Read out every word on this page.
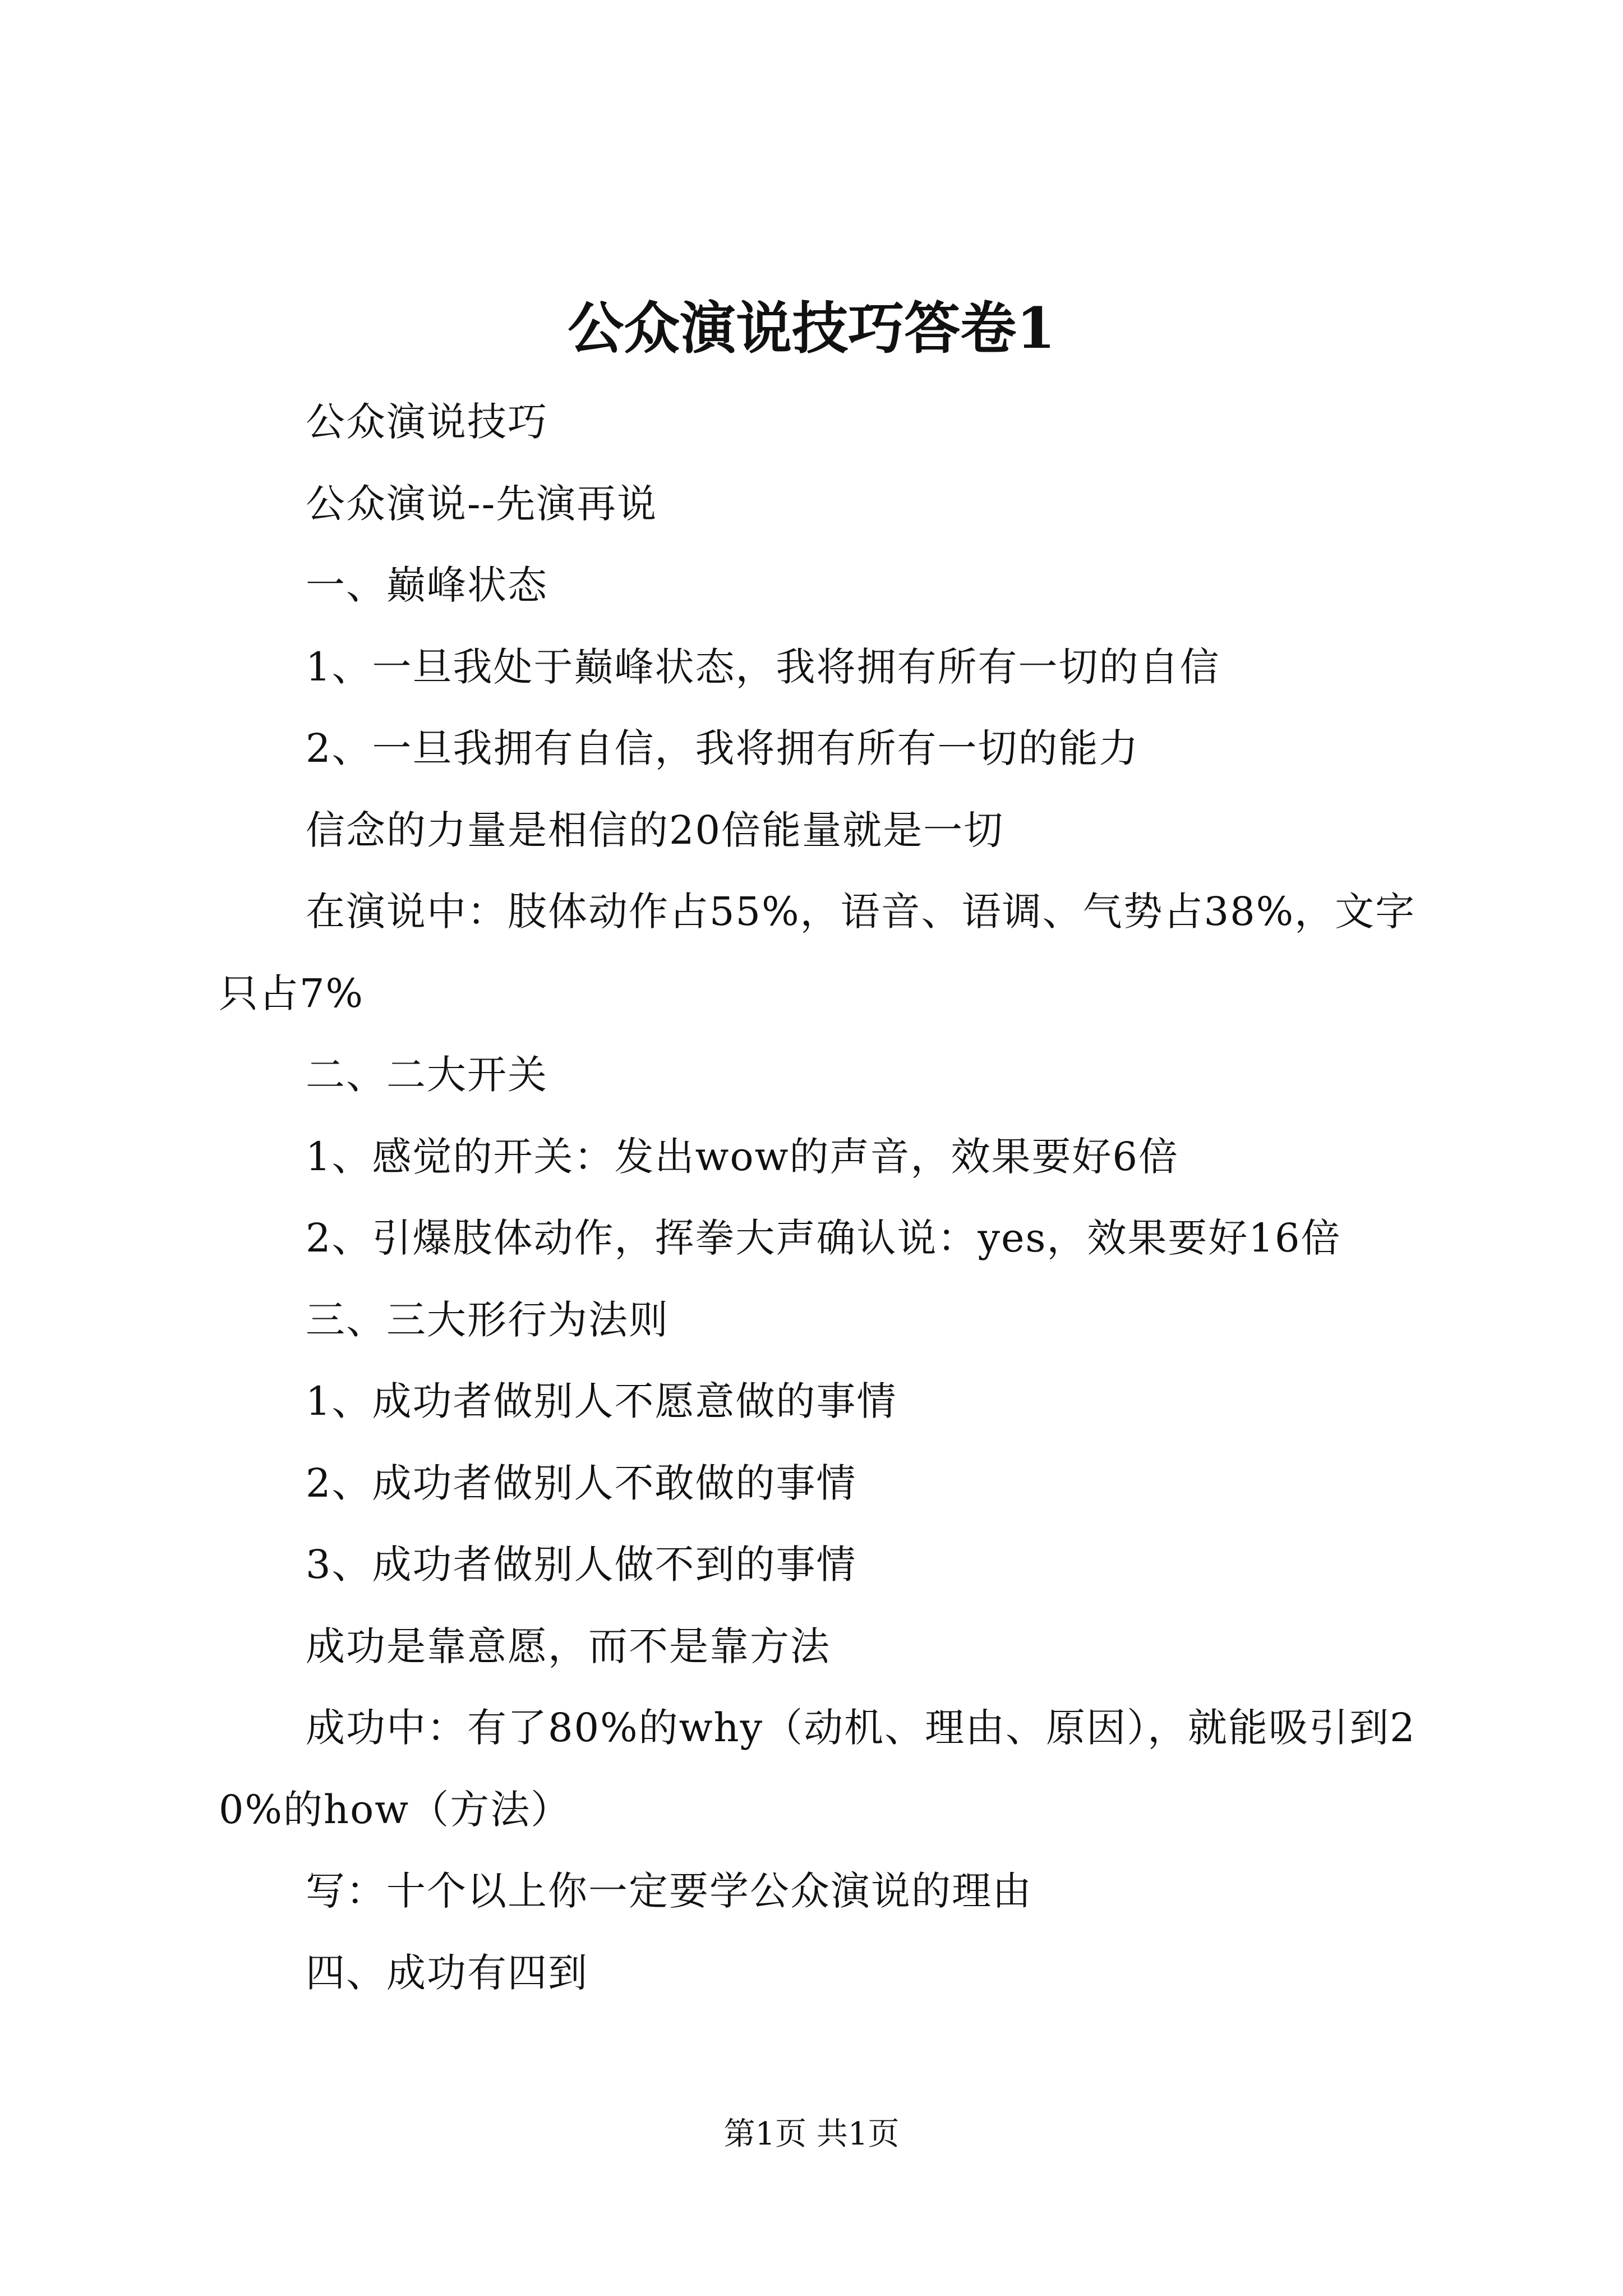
公众演说技巧答卷1

公众演说技巧

公众演说--先演再说

一、巅峰状态

1、一旦我处于巅峰状态，我将拥有所有一切的自信

2、一旦我拥有自信，我将拥有所有一切的能力

信念的力量是相信的20倍能量就是一切

在演说中：肢体动作占55%，语音、语调、气势占38%，文字只占7%

二、二大开关

1、感觉的开关：发出wow的声音，效果要好6倍

2、引爆肢体动作，挥拳大声确认说：yes，效果要好16倍

三、三大形行为法则

1、成功者做别人不愿意做的事情

2、成功者做别人不敢做的事情

3、成功者做别人做不到的事情

成功是靠意愿，而不是靠方法

成功中：有了80%的why（动机、理由、原因），就能吸引到20%的how（方法）

写：十个以上你一定要学公众演说的理由

四、成功有四到

第1页 共1页
